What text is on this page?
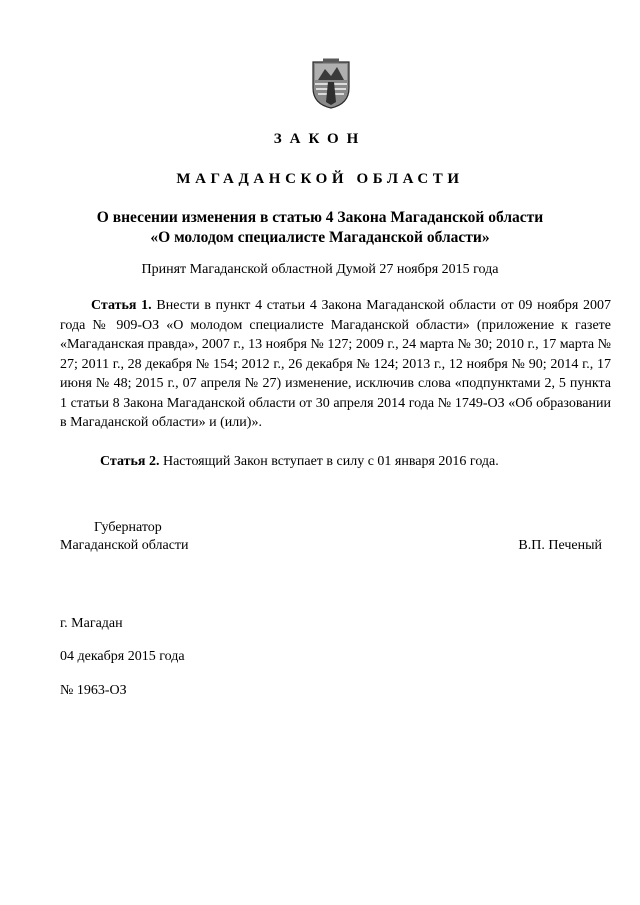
ЗАКОН
МАГАДАНСКОЙ ОБЛАСТИ
О внесении изменения в статью 4 Закона Магаданской области
«О молодом специалисте Магаданской области»
Принят Магаданской областной Думой 27 ноября 2015 года
Статья 1. Внести в пункт 4 статьи 4 Закона Магаданской области от 09 ноября 2007 года № 909-ОЗ «О молодом специалисте Магаданской области» (приложение к газете «Магаданская правда», 2007 г., 13 ноября № 127; 2009 г., 24 марта № 30; 2010 г., 17 марта № 27; 2011 г., 28 декабря № 154; 2012 г., 26 декабря № 124; 2013 г., 12 ноября № 90; 2014 г., 17 июня № 48; 2015 г., 07 апреля № 27) изменение, исключив слова «подпунктами 2, 5 пункта 1 статьи 8 Закона Магаданской области от 30 апреля 2014 года № 1749-ОЗ «Об образовании в Магаданской области» и (или)».
Статья 2. Настоящий Закон вступает в силу с 01 января 2016 года.
Губернатор
Магаданской области	В.П. Печеный
г. Магадан
04 декабря 2015 года
№ 1963-ОЗ
